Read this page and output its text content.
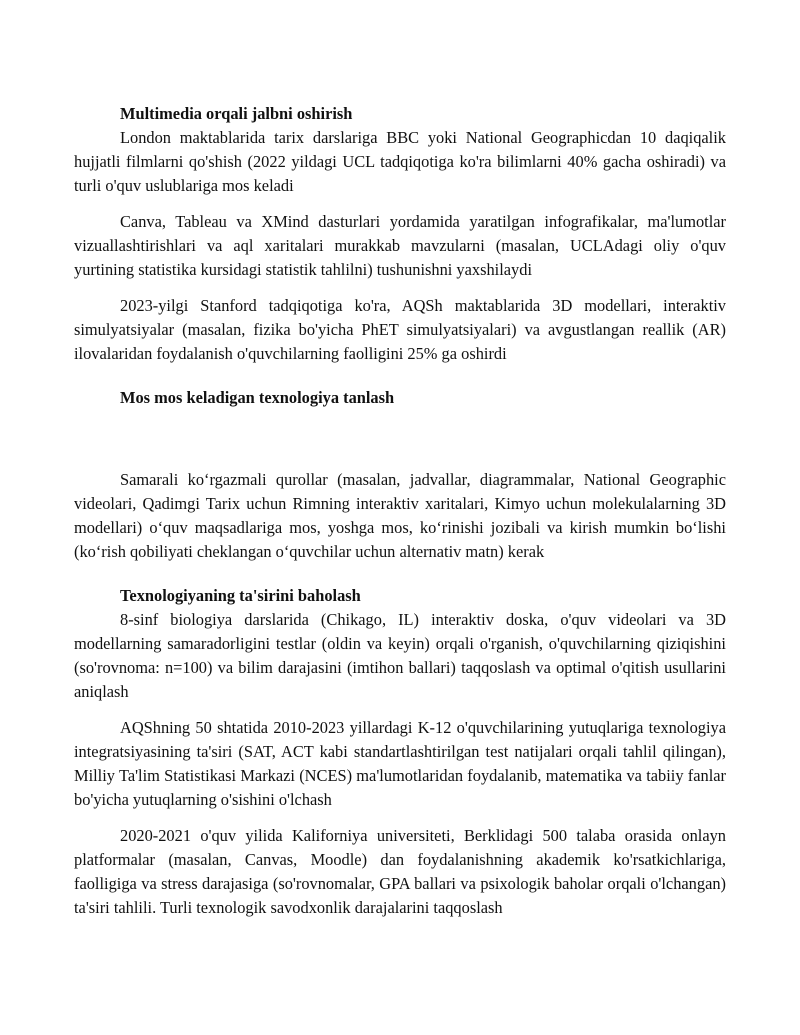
Multimedia orqali jalbni oshirish

London maktablarida tarix darslariga BBC yoki National Geographicdan 10 daqiqalik hujjatli filmlarni qo'shish (2022 yildagi UCL tadqiqotiga ko'ra bilimlarni 40% gacha oshiradi) va turli o'quv uslublariga mos keladi

Canva, Tableau va XMind dasturlari yordamida yaratilgan infografikalar, ma'lumotlar vizuallashtirishlari va aql xaritalari murakkab mavzularni (masalan, UCLAdagi oliy o'quv yurtining statistika kursidagi statistik tahlilni) tushunishni yaxshilaydi

2023-yilgi Stanford tadqiqotiga ko'ra, AQSh maktablarida 3D modellari, interaktiv simulyatsiyalar (masalan, fizika bo'yicha PhET simulyatsiyalari) va avgustlangan reallik (AR) ilovalaridan foydalanish o'quvchilarning faolligini 25% ga oshirdi

Mos mos keladigan texnologiya tanlash

Samarali koʻrgazmali qurollar (masalan, jadvallar, diagrammalar, National Geographic videolari, Qadimgi Tarix uchun Rimning interaktiv xaritalari, Kimyo uchun molekulalarning 3D modellari) oʻquv maqsadlariga mos, yoshga mos, koʻrinishi jozibali va kirish mumkin boʻlishi (koʻrish qobiliyati cheklangan oʻquvchilar uchun alternativ matn) kerak

Texnologiyaning ta'sirini baholash

8-sinf biologiya darslarida (Chikago, IL) interaktiv doska, o'quv videolari va 3D modellarning samaradorligini testlar (oldin va keyin) orqali o'rganish, o'quvchilarning qiziqishini (so'rovnoma: n=100) va bilim darajasini (imtihon ballari) taqqoslash va optimal o'qitish usullarini aniqlash

AQShning 50 shtatida 2010-2023 yillardagi K-12 o'quvchilarining yutuqlariga texnologiya integratsiyasining ta'siri (SAT, ACT kabi standartlashtirilgan test natijalari orqali tahlil qilingan), Milliy Ta'lim Statistikasi Markazi (NCES) ma'lumotlaridan foydalanib, matematika va tabiiy fanlar bo'yicha yutuqlarning o'sishini o'lchash

2020-2021 o'quv yilida Kaliforniya universiteti, Berklidagi 500 talaba orasida onlayn platformalar (masalan, Canvas, Moodle) dan foydalanishning akademik ko'rsatkichlariga, faolligiga va stress darajasiga (so'rovnomalar, GPA ballari va psixologik baholar orqali o'lchangan) ta'siri tahlili. Turli texnologik savodxonlik darajalarini taqqoslash
